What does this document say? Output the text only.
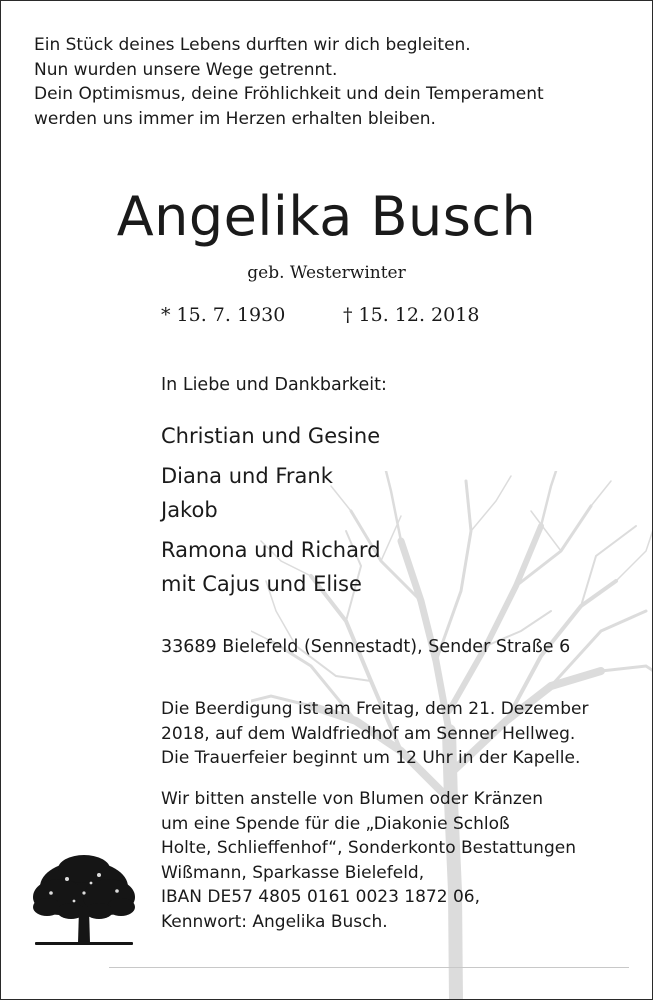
Ein Stück deines Lebens durften wir dich begleiten.
Nun wurden unsere Wege getrennt.
Dein Optimismus, deine Fröhlichkeit und dein Temperament
werden uns immer im Herzen erhalten bleiben.
Angelika Busch
geb. Westerwinter
* 15. 7. 1930	† 15. 12. 2018
In Liebe und Dankbarkeit:
Christian und Gesine
Diana und Frank
Jakob
Ramona und Richard
mit Cajus und Elise
33689 Bielefeld (Sennestadt), Sender Straße 6
Die Beerdigung ist am Freitag, dem 21. Dezember
2018, auf dem Waldfriedhof am Senner Hellweg.
Die Trauerfeier beginnt um 12 Uhr in der Kapelle.
Wir bitten anstelle von Blumen oder Kränzen
um eine Spende für die „Diakonie Schloß
Holte, Schlieffenhof“, Sonderkonto Bestattungen
Wißmann, Sparkasse Bielefeld,
IBAN DE57 4805 0161 0023 1872 06,
Kennwort: Angelika Busch.
